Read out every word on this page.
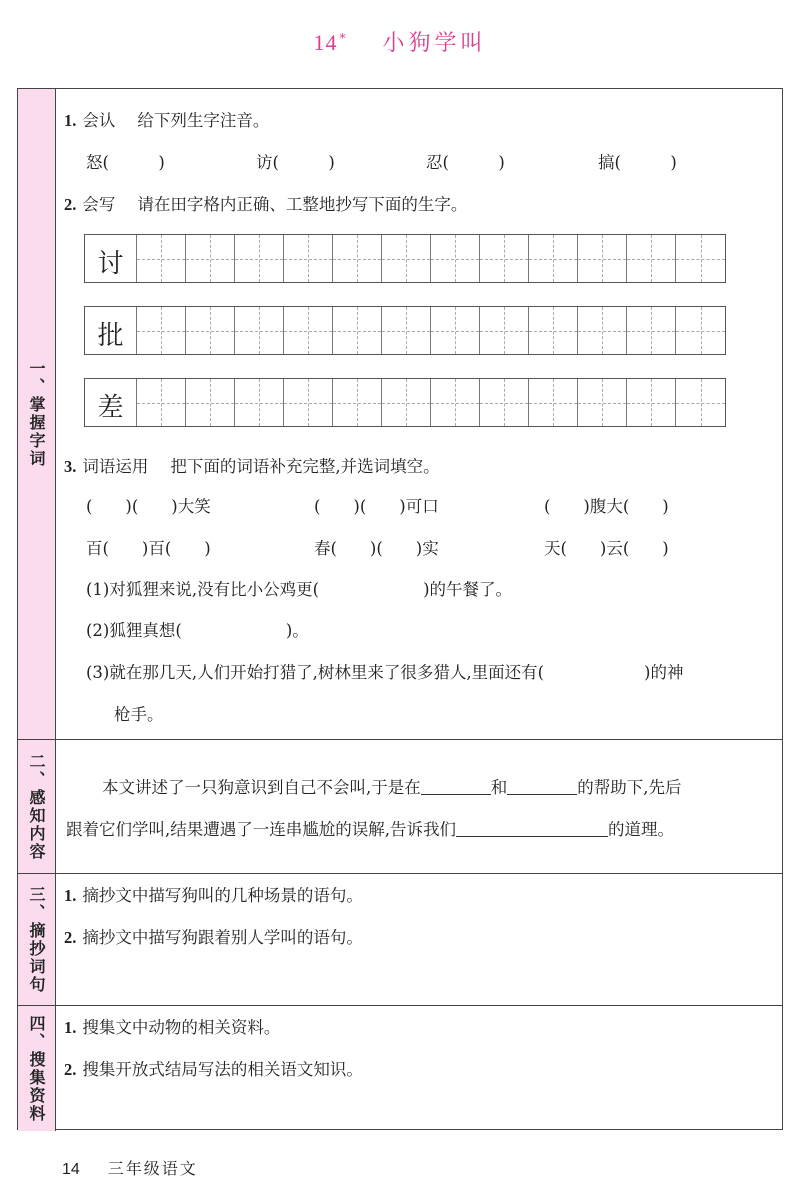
14 * 小狗学叫
一、掌握字词
1. 会认 给下列生字注音。
怒(　　　)	访(　　　)	忍(　　　)	搞(　　　)
2. 会写 请在田字格内正确、工整地抄写下面的生字。
讨
批
差
3. 词语运用 把下面的词语补充完整,并选词填空。
(　　)(　　)大笑	(　　)(　　)可口	(　　)腹大(　　)
百(　　)百(　　)	春(　　)(　　)实	天(　　)云(　　)
(1)对狐狸来说,没有比小公鸡更(	)的午餐了。
(2)狐狸真想(	)。
(3)就在那几天,人们开始打猎了,树林里来了很多猎人,里面还有(	)的神
枪手。
二、感知内容	本文讲述了一只狗意识到自己不会叫,于是在	和	的帮助下,先后
跟着它们学叫,结果遭遇了一连串尴尬的误解,告诉我们	的道理。
三、摘抄词句 1. 摘抄文中描写狗叫的几种场景的语句。
2. 摘抄文中描写狗跟着别人学叫的语句。
四、搜集资料 1. 搜集文中动物的相关资料。
2. 搜集开放式结局写法的相关语文知识。
14 三年级语文
